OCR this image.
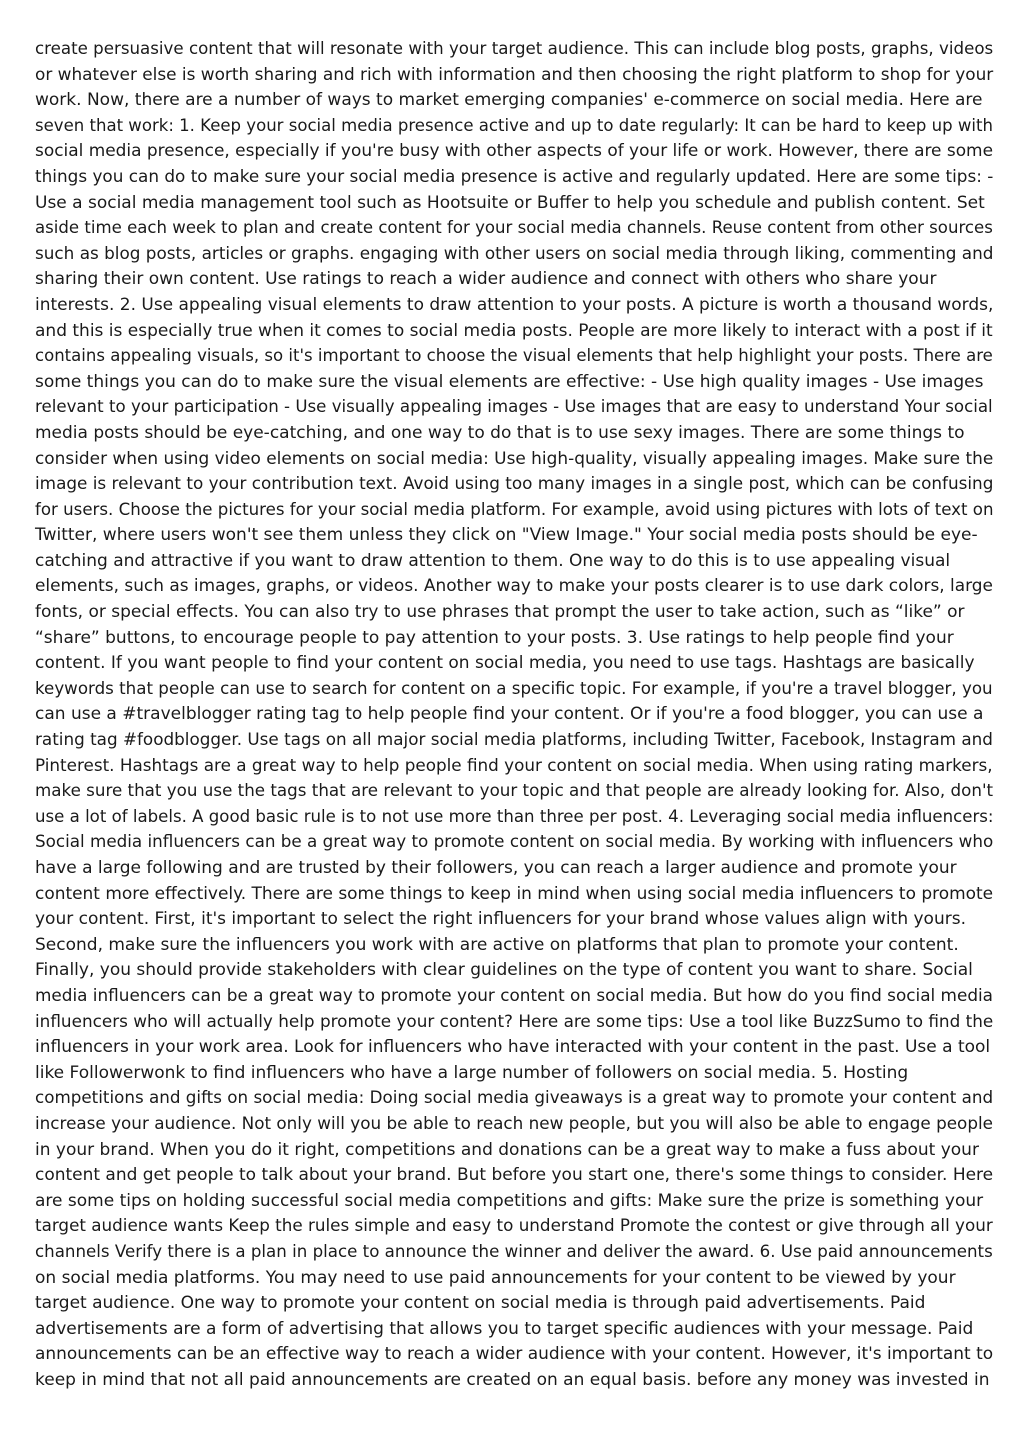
create persuasive content that will resonate with your target audience. This can include blog posts, graphs, videos
or whatever else is worth sharing and rich with information and then choosing the right platform to shop for your
work. Now, there are a number of ways to market emerging companies' e-commerce on social media. Here are
seven that work: 1. Keep your social media presence active and up to date regularly: It can be hard to keep up with
social media presence, especially if you're busy with other aspects of your life or work. However, there are some
things you can do to make sure your social media presence is active and regularly updated. Here are some tips: -
Use a social media management tool such as Hootsuite or Buffer to help you schedule and publish content. Set
aside time each week to plan and create content for your social media channels. Reuse content from other sources
such as blog posts, articles or graphs. engaging with other users on social media through liking, commenting and
sharing their own content. Use ratings to reach a wider audience and connect with others who share your
interests. 2. Use appealing visual elements to draw attention to your posts. A picture is worth a thousand words,
and this is especially true when it comes to social media posts. People are more likely to interact with a post if it
contains appealing visuals, so it's important to choose the visual elements that help highlight your posts. There are
some things you can do to make sure the visual elements are effective: - Use high quality images - Use images
relevant to your participation - Use visually appealing images - Use images that are easy to understand Your social
media posts should be eye-catching, and one way to do that is to use sexy images. There are some things to
consider when using video elements on social media: Use high-quality, visually appealing images. Make sure the
image is relevant to your contribution text. Avoid using too many images in a single post, which can be confusing
for users. Choose the pictures for your social media platform. For example, avoid using pictures with lots of text on
Twitter, where users won't see them unless they click on "View Image." Your social media posts should be eye-
catching and attractive if you want to draw attention to them. One way to do this is to use appealing visual
elements, such as images, graphs, or videos. Another way to make your posts clearer is to use dark colors, large
fonts, or special effects. You can also try to use phrases that prompt the user to take action, such as “like” or
“share” buttons, to encourage people to pay attention to your posts. 3. Use ratings to help people find your
content. If you want people to find your content on social media, you need to use tags. Hashtags are basically
keywords that people can use to search for content on a specific topic. For example, if you're a travel blogger, you
can use a #travelblogger rating tag to help people find your content. Or if you're a food blogger, you can use a
rating tag #foodblogger. Use tags on all major social media platforms, including Twitter, Facebook, Instagram and
Pinterest. Hashtags are a great way to help people find your content on social media. When using rating markers,
make sure that you use the tags that are relevant to your topic and that people are already looking for. Also, don't
use a lot of labels. A good basic rule is to not use more than three per post. 4. Leveraging social media influencers:
Social media influencers can be a great way to promote content on social media. By working with influencers who
have a large following and are trusted by their followers, you can reach a larger audience and promote your
content more effectively. There are some things to keep in mind when using social media influencers to promote
your content. First, it's important to select the right influencers for your brand whose values align with yours.
Second, make sure the influencers you work with are active on platforms that plan to promote your content.
Finally, you should provide stakeholders with clear guidelines on the type of content you want to share. Social
media influencers can be a great way to promote your content on social media. But how do you find social media
influencers who will actually help promote your content? Here are some tips: Use a tool like BuzzSumo to find the
influencers in your work area. Look for influencers who have interacted with your content in the past. Use a tool
like Followerwonk to find influencers who have a large number of followers on social media. 5. Hosting
competitions and gifts on social media: Doing social media giveaways is a great way to promote your content and
increase your audience. Not only will you be able to reach new people, but you will also be able to engage people
in your brand. When you do it right, competitions and donations can be a great way to make a fuss about your
content and get people to talk about your brand. But before you start one, there's some things to consider. Here
are some tips on holding successful social media competitions and gifts: Make sure the prize is something your
target audience wants Keep the rules simple and easy to understand Promote the contest or give through all your
channels Verify there is a plan in place to announce the winner and deliver the award. 6. Use paid announcements
on social media platforms. You may need to use paid announcements for your content to be viewed by your
target audience. One way to promote your content on social media is through paid advertisements. Paid
advertisements are a form of advertising that allows you to target specific audiences with your message. Paid
announcements can be an effective way to reach a wider audience with your content. However, it's important to
keep in mind that not all paid announcements are created on an equal basis. before any money was invested in
